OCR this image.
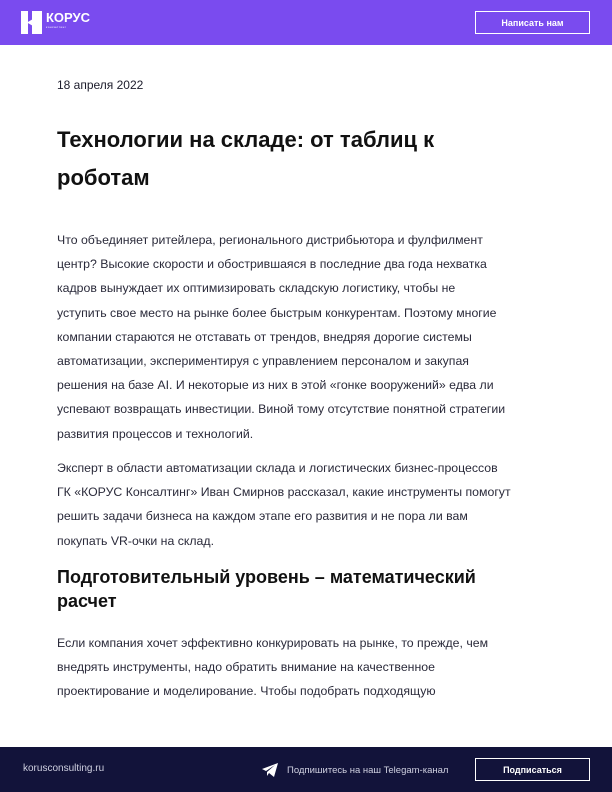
КОРУС
консалтинг	Написать нам
18 апреля 2022
Технологии на складе: от таблиц к
роботам
Что объединяет ритейлера, регионального дистрибьютора и фулфилмент
центр? Высокие скорости и обострившаяся в последние два года нехватка
кадров вынуждает их оптимизировать складскую логистику, чтобы не
уступить свое место на рынке более быстрым конкурентам. Поэтому многие
компании стараются не отставать от трендов, внедряя дорогие системы
автоматизации, экспериментируя с управлением персоналом и закупая
решения на базе AI. И некоторые из них в этой «гонке вооружений» едва ли
успевают возвращать инвестиции. Виной тому отсутствие понятной стратегии
развития процессов и технологий.
Эксперт в области автоматизации склада и логистических бизнес-процессов
ГК «КОРУС Консалтинг» Иван Смирнов рассказал, какие инструменты помогут
решить задачи бизнеса на каждом этапе его развития и не пора ли вам
покупать VR-очки на склад.
Подготовительный уровень – математический
расчет
Если компания хочет эффективно конкурировать на рынке, то прежде, чем
внедрять инструменты, надо обратить внимание на качественное
проектирование и моделирование. Чтобы подобрать подходящую
korusconsulting.ru	Подпишитесь на наш Telegam-канал	Подписаться
